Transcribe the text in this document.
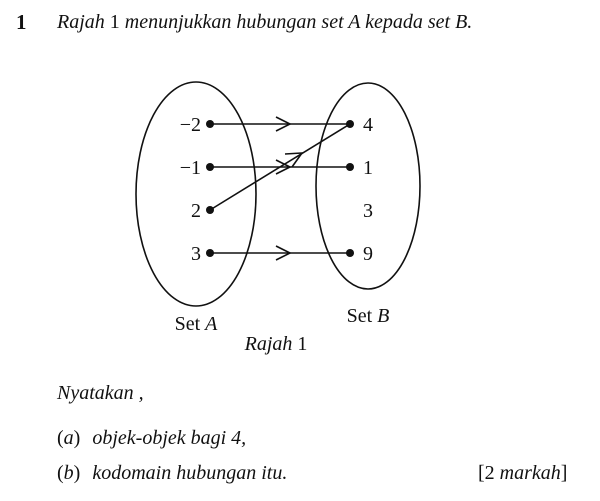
1 Rajah 1 menunjukkan hubungan set A kepada set B.
−2
−1
2
3
4
1
3
9
Set A	Set B
Rajah 1
Nyatakan ,
(a) objek-objek bagi 4,
(b) kodomain hubungan itu.	[2 markah]
